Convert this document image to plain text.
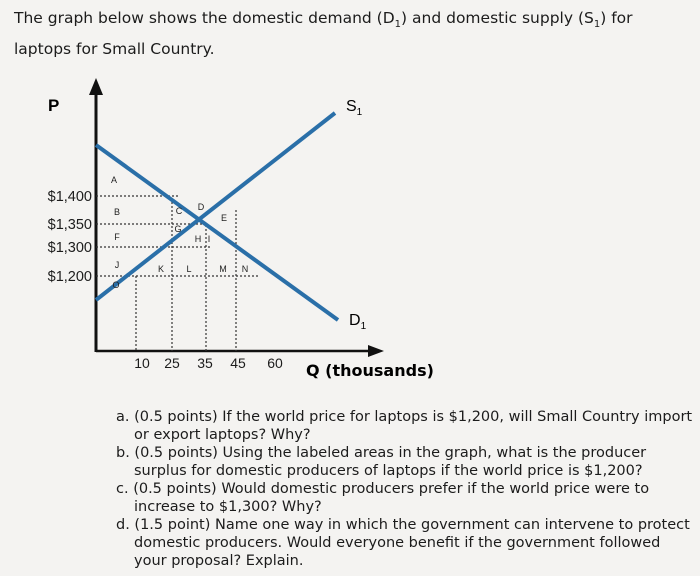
The graph below shows the domestic demand $(D_1)$ and domestic supply $(S_1)$ for laptops for Small Country.
P	$S_1$
$D_1$
Q (thousands)
$1,400
$1,350
$1,300
$1,200
10 25 35 45 60
A
B	C D
E
F
G
H I
J	K L	M N
O
a. (0.5 points) If the world price for laptops is $1,200, will Small Country import or export laptops? Why?
b. (0.5 points) Using the labeled areas in the graph, what is the producer surplus for domestic producers of laptops if the world price is $1,200?
c. (0.5 points) Would domestic producers prefer if the world price were to increase to $1,300? Why?
d. (1.5 point) Name one way in which the government can intervene to protect domestic producers. Would everyone benefit if the government followed your proposal? Explain.
